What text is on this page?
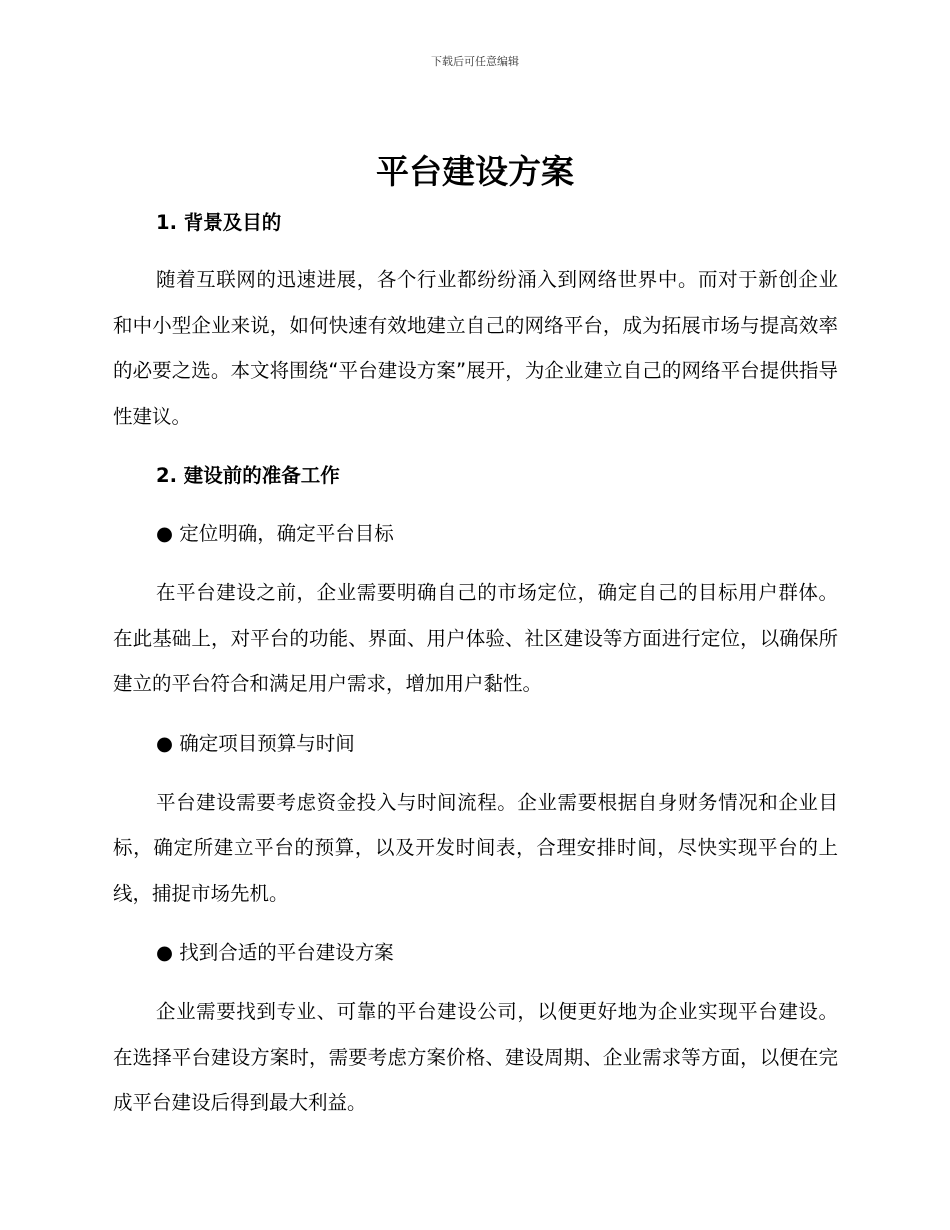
下载后可任意编辑
平台建设方案
1. 背景及目的

随着互联网的迅速进展，各个行业都纷纷涌入到网络世界中。而对于新创企业和中小型企业来说，如何快速有效地建立自己的网络平台，成为拓展市场与提高效率的必要之选。本文将围绕“平台建设方案”展开，为企业建立自己的网络平台提供指导性建议。

2. 建设前的准备工作
● 定位明确，确定平台目标

在平台建设之前，企业需要明确自己的市场定位，确定自己的目标用户群体。在此基础上，对平台的功能、界面、用户体验、社区建设等方面进行定位，以确保所建立的平台符合和满足用户需求，增加用户黏性。

● 确定项目预算与时间

平台建设需要考虑资金投入与时间流程。企业需要根据自身财务情况和企业目标，确定所建立平台的预算，以及开发时间表，合理安排时间，尽快实现平台的上线，捕捉市场先机。

● 找到合适的平台建设方案

企业需要找到专业、可靠的平台建设公司，以便更好地为企业实现平台建设。在选择平台建设方案时，需要考虑方案价格、建设周期、企业需求等方面，以便在完成平台建设后得到最大利益。
